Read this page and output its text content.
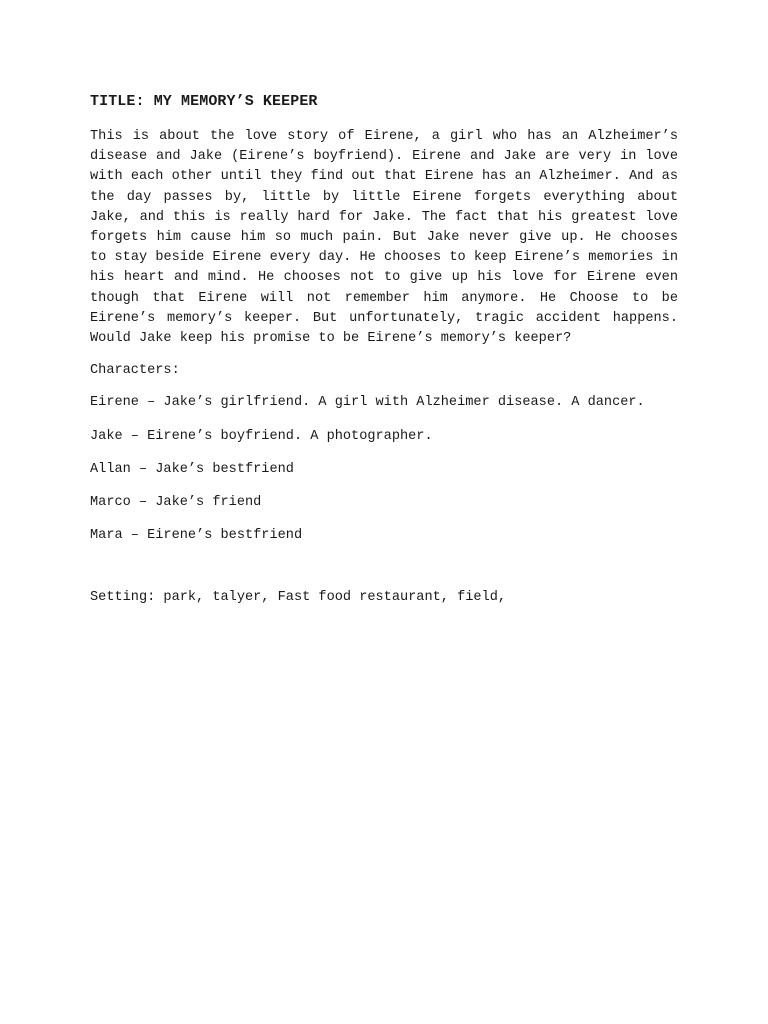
TITLE: MY MEMORY’S KEEPER

This is about the love story of Eirene, a girl who has an Alzheimer’s disease and Jake (Eirene’s boyfriend). Eirene and Jake are very in love with each other until they find out that Eirene has an Alzheimer. And as the day passes by, little by little Eirene forgets everything about Jake, and this is really hard for Jake. The fact that his greatest love forgets him cause him so much pain. But Jake never give up. He chooses to stay beside Eirene every day. He chooses to keep Eirene’s memories in his heart and mind. He chooses not to give up his love for Eirene even though that Eirene will not remember him anymore. He Choose to be Eirene’s memory’s keeper. But unfortunately, tragic accident happens. Would Jake keep his promise to be Eirene’s memory’s keeper?

Characters:
Eirene – Jake’s girlfriend. A girl with Alzheimer disease. A dancer.
Jake – Eirene’s boyfriend. A photographer.
Allan – Jake’s bestfriend
Marco – Jake’s friend
Mara – Eirene’s bestfriend
Setting: park, talyer, Fast food restaurant, field,
